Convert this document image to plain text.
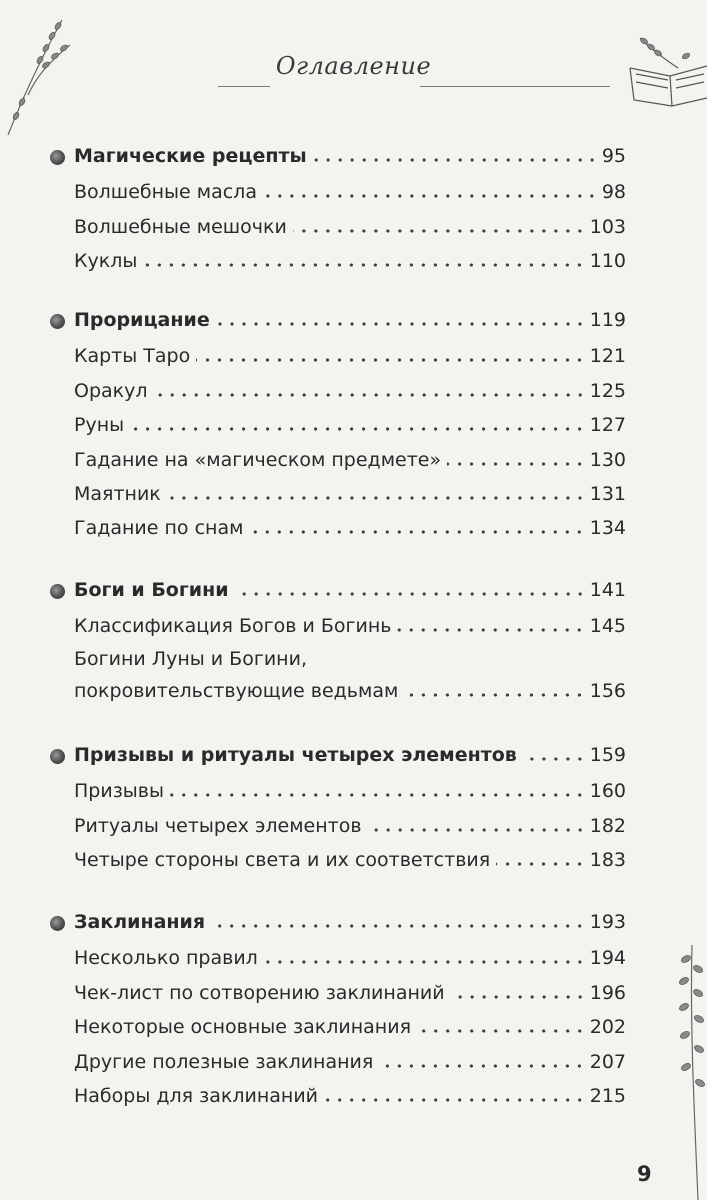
Оглавление
Магические рецепты	95
Волшебные масла	98
Волшебные мешочки	103
Куклы	110
Прорицание	119
Карты Таро	121
Оракул	125
Руны	127
Гадание на «магическом предмете»	130
Маятник	131
Гадание по снам	134
Боги и Богини	141
Классификация Богов и Богинь	145
Богини Луны и Богини,
покровительствующие ведьмам	156
Призывы и ритуалы четырех элементов	159
Призывы	160
Ритуалы четырех элементов	182
Четыре стороны света и их соответствия	183
Заклинания	193
Несколько правил	194
Чек-лист по сотворению заклинаний	196
Некоторые основные заклинания	202
Другие полезные заклинания	207
Наборы для заклинаний	215
9
